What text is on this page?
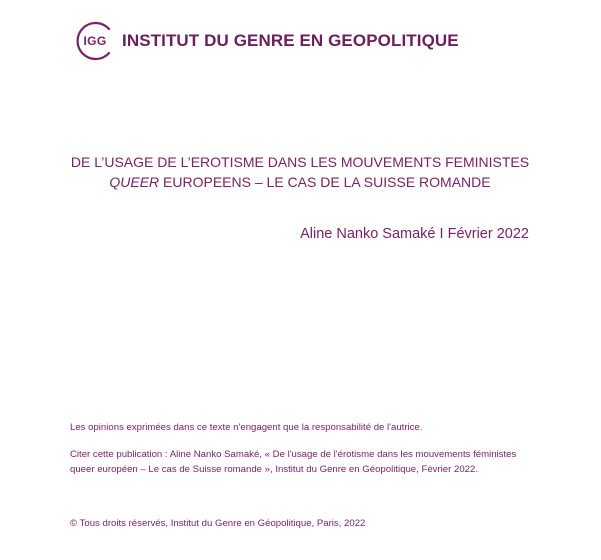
IGG INSTITUT DU GENRE EN GEOPOLITIQUE
DE L’USAGE DE L’EROTISME DANS LES MOUVEMENTS FEMINISTES
QUEER EUROPEENS – LE CAS DE LA SUISSE ROMANDE
Aline Nanko Samaké I Février 2022
Les opinions exprimées dans ce texte n'engagent que la responsabilité de l'autrice.
Citer cette publication : Aline Nanko Samaké, « De l'usage de l'érotisme dans les mouvements féministes queer européen – Le cas de Suisse romande », Institut du Genre en Géopolitique, Février 2022.
© Tous droits réservés, Institut du Genre en Géopolitique, Paris, 2022
